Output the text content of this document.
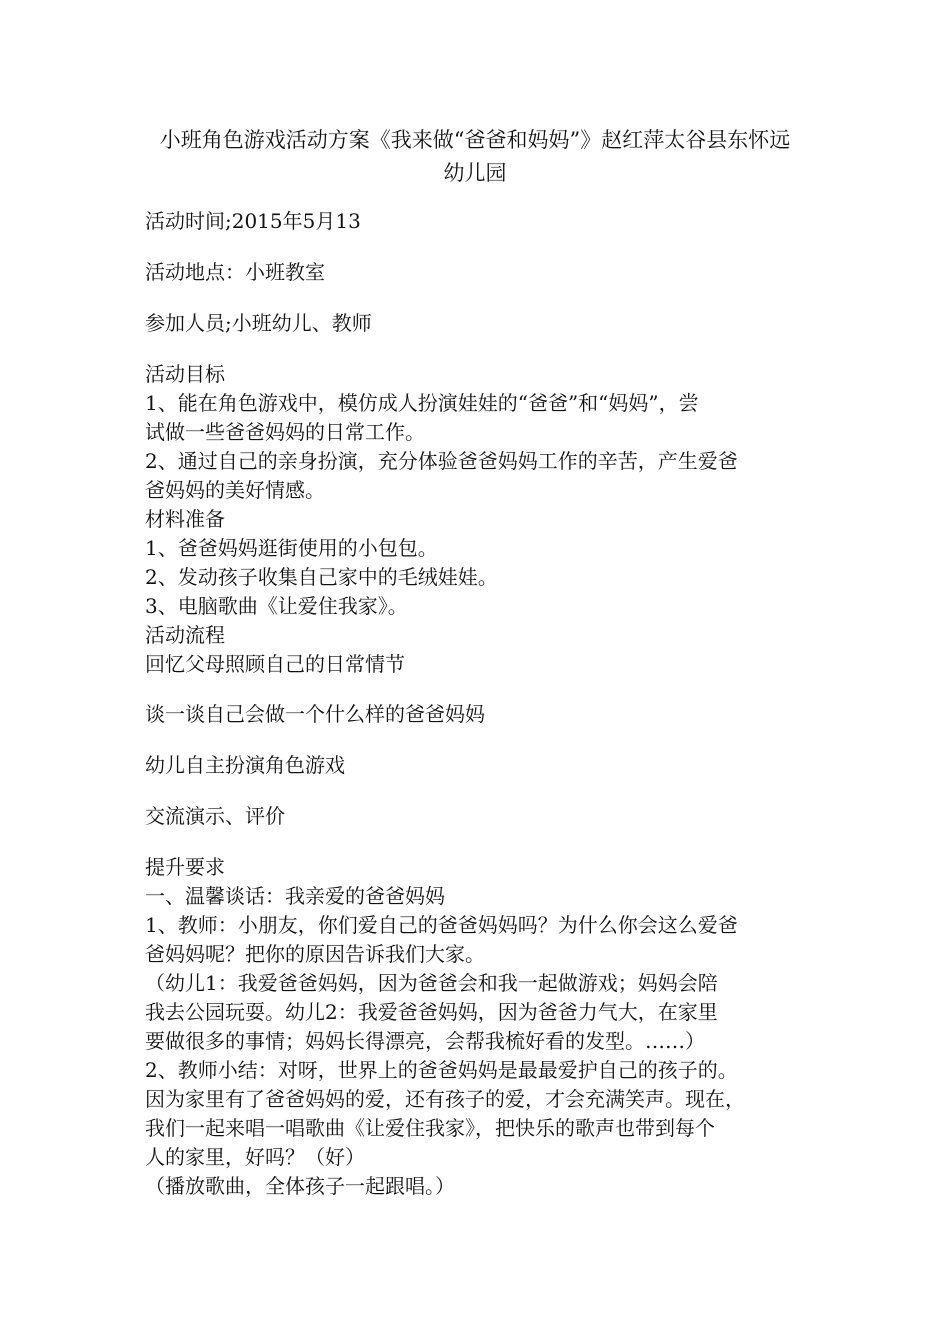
小班角色游戏活动方案《我来做“爸爸和妈妈”》赵红萍太谷县东怀远
幼儿园
活动时间;2015年5月13
活动地点：小班教室
参加人员;小班幼儿、教师
活动目标
1、能在角色游戏中，模仿成人扮演娃娃的“爸爸”和“妈妈”，尝
试做一些爸爸妈妈的日常工作。
2、通过自己的亲身扮演，充分体验爸爸妈妈工作的辛苦，产生爱爸
爸妈妈的美好情感。
材料准备
1、爸爸妈妈逛街使用的小包包。
2、发动孩子收集自己家中的毛绒娃娃。
3、电脑歌曲《让爱住我家》。
活动流程
回忆父母照顾自己的日常情节
谈一谈自己会做一个什么样的爸爸妈妈
幼儿自主扮演角色游戏
交流演示、评价
提升要求
一、温馨谈话：我亲爱的爸爸妈妈
1、教师：小朋友，你们爱自己的爸爸妈妈吗？为什么你会这么爱爸
爸妈妈呢？把你的原因告诉我们大家。
（幼儿1：我爱爸爸妈妈，因为爸爸会和我一起做游戏；妈妈会陪
我去公园玩耍。幼儿2：我爱爸爸妈妈，因为爸爸力气大，在家里
要做很多的事情；妈妈长得漂亮，会帮我梳好看的发型。……）
2、教师小结：对呀，世界上的爸爸妈妈是最最爱护自己的孩子的。
因为家里有了爸爸妈妈的爱，还有孩子的爱，才会充满笑声。现在，
我们一起来唱一唱歌曲《让爱住我家》，把快乐的歌声也带到每个
人的家里，好吗？（好）
（播放歌曲，全体孩子一起跟唱。）
